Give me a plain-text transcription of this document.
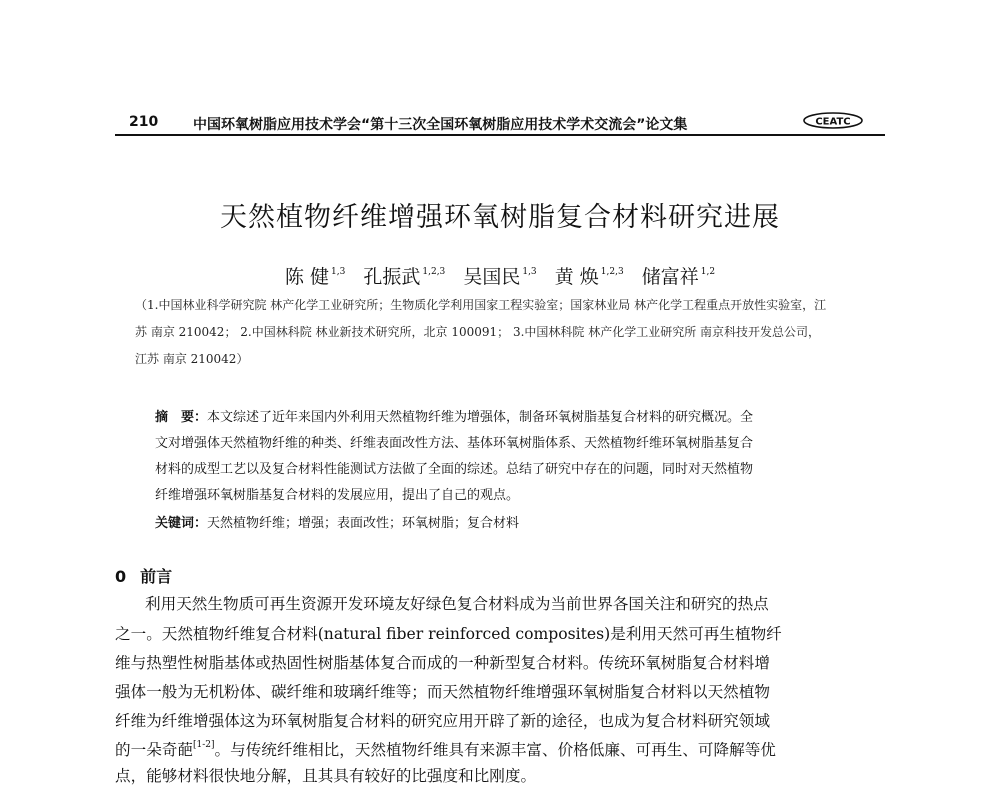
210 中国环氧树脂应用技术学会“第十三次全国环氧树脂应用技术学术交流会”论文集	CEATC
天然植物纤维增强环氧树脂复合材料研究进展
陈 健 $^{1,3}$ 孔振武 $^{1,2,3}$ 吴国民 $^{1,3}$ 黄 焕 $^{1,2,3}$ 储富祥 $^{1,2}$
（1.中国林业科学研究院 林产化学工业研究所；生物质化学利用国家工程实验室；国家林业局 林产化学工程重点开放性实验室，江
苏 南京 210042； 2.中国林科院 林业新技术研究所，北京 100091； 3.中国林科院 林产化学工业研究所 南京科技开发总公司，
江苏 南京 210042）
摘　要：本文综述了近年来国内外利用天然植物纤维为增强体，制备环氧树脂基复合材料的研究概况。全
文对增强体天然植物纤维的种类、纤维表面改性方法、基体环氧树脂体系、天然植物纤维环氧树脂基复合
材料的成型工艺以及复合材料性能测试方法做了全面的综述。总结了研究中存在的问题，同时对天然植物
纤维增强环氧树脂基复合材料的发展应用，提出了自己的观点。
关键词：天然植物纤维；增强；表面改性；环氧树脂；复合材料
0 前言
利用天然生物质可再生资源开发环境友好绿色复合材料成为当前世界各国关注和研究的热点
之一。天然植物纤维复合材料(natural fiber reinforced composites)是利用天然可再生植物纤
维与热塑性树脂基体或热固性树脂基体复合而成的一种新型复合材料。传统环氧树脂复合材料增
强体一般为无机粉体、碳纤维和玻璃纤维等；而天然植物纤维增强环氧树脂复合材料以天然植物
纤维为纤维增强体这为环氧树脂复合材料的研究应用开辟了新的途径，也成为复合材料研究领域
的一朵奇葩[1-2]。与传统纤维相比，天然植物纤维具有来源丰富、价格低廉、可再生、可降解等优
点，能够材料很快地分解，且其具有较好的比强度和比刚度。
